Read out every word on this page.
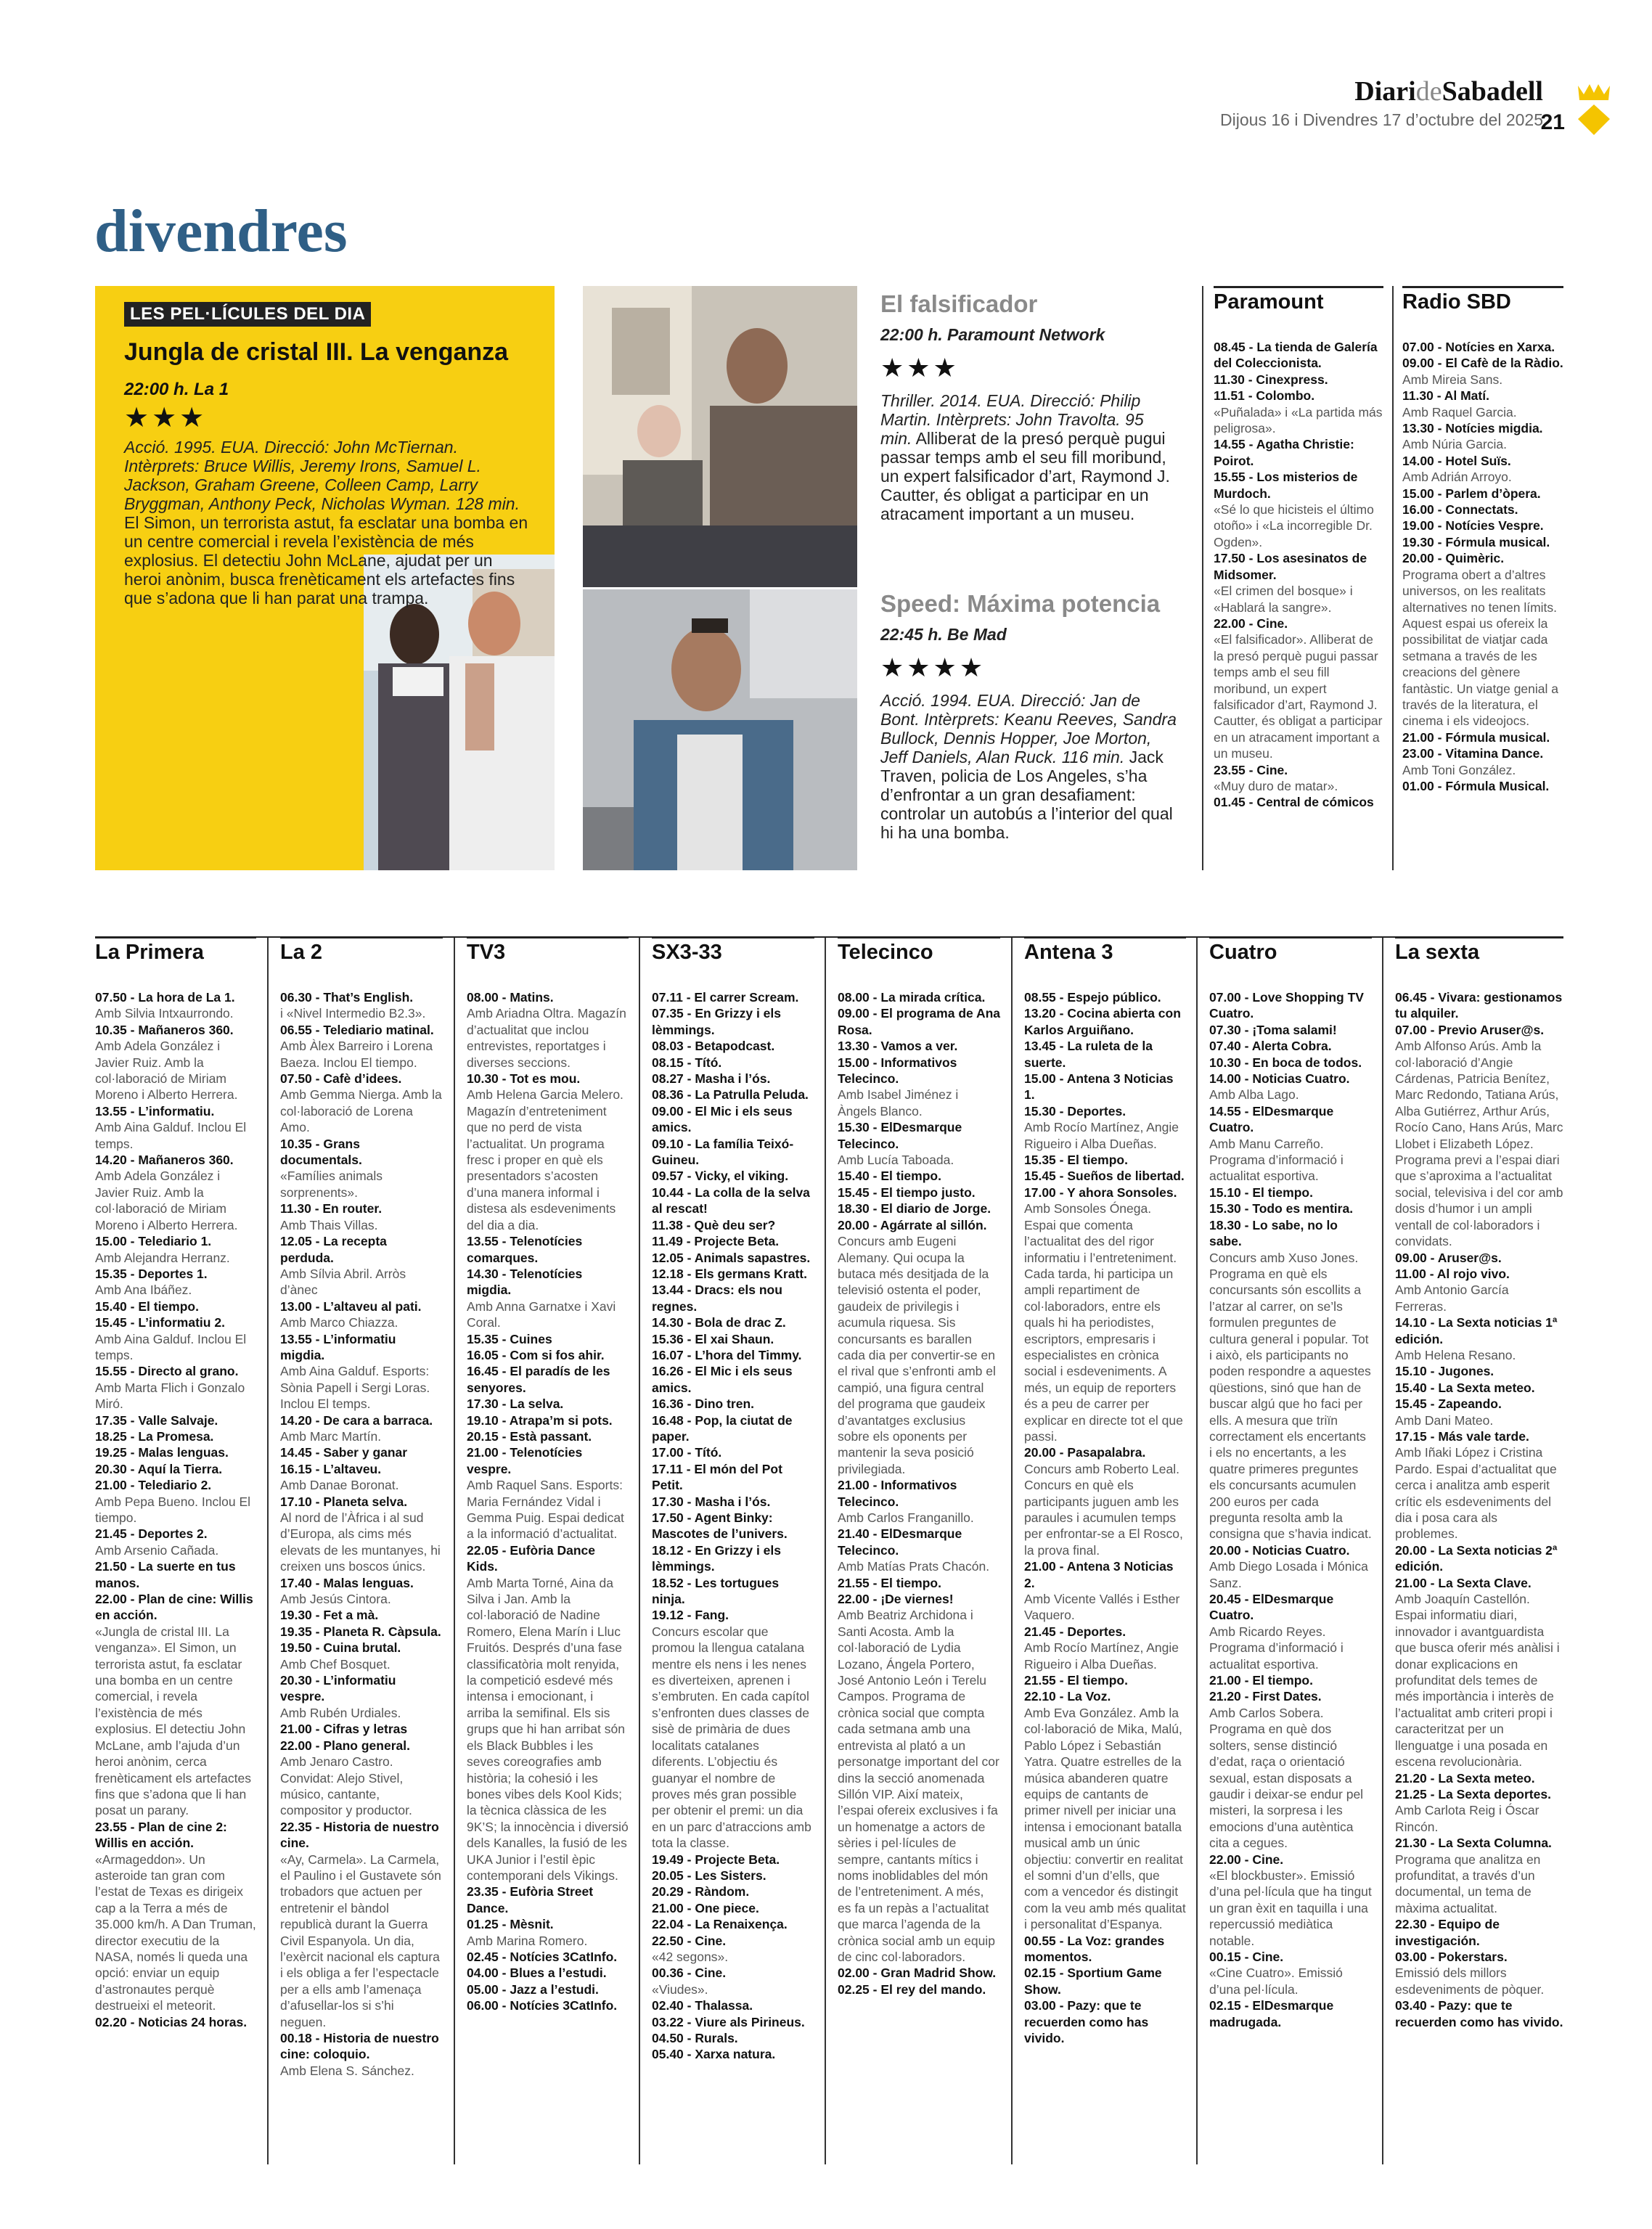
DiarideSabadell
Dijous 16 i Divendres 17 d’octubre del 2025
21
divendres
LES PEL·LÍCULES DEL DIA
Jungla de cristal III. La venganza
22:00 h. La 1
★★★
Acció. 1995. EUA. Direcció: John McTiernan. Intèrprets: Bruce Willis, Jeremy Irons, Samuel L. Jackson, Graham Greene, Colleen Camp, Larry Bryggman, Anthony Peck, Nicholas Wyman. 128 min. El Simon, un terrorista astut, fa esclatar una bomba en un centre comercial i revela l’existència de més explosius. El detectiu John McLane, ajudat per un heroi anònim, busca frenèticament els artefactes fins que s’adona que li han parat una trampa.
El falsificador
22:00 h. Paramount Network
★★★
Thriller. 2014. EUA. Direcció: Philip Martin. Intèrprets: John Travolta. 95 min. Alliberat de la presó perquè pugui passar temps amb el seu fill moribund, un expert falsificador d’art, Raymond J. Cautter, és obligat a participar en un atracament important a un museu.
Speed: Máxima potencia
22:45 h. Be Mad
★★★★
Acció. 1994. EUA. Direcció: Jan de Bont. Intèrprets: Keanu Reeves, Sandra Bullock, Dennis Hopper, Joe Morton, Jeff Daniels, Alan Ruck. 116 min. Jack Traven, policia de Los Angeles, s’ha d’enfrontar a un gran desafiament: controlar un autobús a l’interior del qual hi ha una bomba.
Paramount
08.45 - La tienda de Galería del Coleccionista.
11.30 - Cinexpress.
11.51 - Colombo.
«Puñalada» i «La partida más peligrosa».
14.55 - Agatha Christie: Poirot.
15.55 - Los misterios de Murdoch.
«Sé lo que hicisteis el último otoño» i «La incorregible Dr. Ogden».
17.50 - Los asesinatos de Midsomer.
«El crimen del bosque» i «Hablará la sangre».
22.00 - Cine.
«El falsificador». Alliberat de la presó perquè pugui passar temps amb el seu fill moribund, un expert falsificador d’art, Raymond J. Cautter, és obligat a participar en un atracament important a un museu.
23.55 - Cine.
«Muy duro de matar».
01.45 - Central de cómicos
Radio SBD
07.00 - Notícies en Xarxa.
09.00 - El Cafè de la Ràdio.
Amb Mireia Sans.
11.30 - Al Matí.
Amb Raquel Garcia.
13.30 - Notícies migdia.
Amb Núria Garcia.
14.00 - Hotel Suïs.
Amb Adrián Arroyo.
15.00 - Parlem d’òpera.
16.00 - Connectats.
19.00 - Notícies Vespre.
19.30 - Fórmula musical.
20.00 - Quimèric.
Programa obert a d’altres universos, on les realitats alternatives no tenen límits. Aquest espai us ofereix la possibilitat de viatjar cada setmana a través de les creacions del gènere fantàstic. Un viatge genial a través de la literatura, el cinema i els videojocs.
21.00 - Fórmula musical.
23.00 - Vitamina Dance.
Amb Toni González.
01.00 - Fórmula Musical.
La Primera
07.50 - La hora de La 1.
Amb Silvia Intxaurrondo.
10.35 - Mañaneros 360.
Amb Adela González i Javier Ruiz. Amb la col·laboració de Miriam Moreno i Alberto Herrera.
13.55 - L’informatiu.
Amb Aina Galduf. Inclou El temps.
14.20 - Mañaneros 360.
Amb Adela González i Javier Ruiz. Amb la col·laboració de Miriam Moreno i Alberto Herrera.
15.00 - Telediario 1.
Amb Alejandra Herranz.
15.35 - Deportes 1.
Amb Ana Ibáñez.
15.40 - El tiempo.
15.45 - L’informatiu 2.
Amb Aina Galduf. Inclou El temps.
15.55 - Directo al grano.
Amb Marta Flich i Gonzalo Miró.
17.35 - Valle Salvaje.
18.25 - La Promesa.
19.25 - Malas lenguas.
20.30 - Aquí la Tierra.
21.00 - Telediario 2.
Amb Pepa Bueno. Inclou El tiempo.
21.45 - Deportes 2.
Amb Arsenio Cañada.
21.50 - La suerte en tus manos.
22.00 - Plan de cine: Willis en acción.
«Jungla de cristal III. La venganza». El Simon, un terrorista astut, fa esclatar una bomba en un centre comercial, i revela l’existència de més explosius. El detectiu John McLane, amb l’ajuda d’un heroi anònim, cerca frenèticament els artefactes fins que s’adona que li han posat un parany.
23.55 - Plan de cine 2: Willis en acción.
«Armageddon». Un asteroide tan gran com l’estat de Texas es dirigeix cap a la Terra a més de 35.000 km/h. A Dan Truman, director executiu de la NASA, només li queda una opció: enviar un equip d’astronautes perquè destrueixi el meteorit.
02.20 - Noticias 24 horas.
La 2
06.30 - That’s English.
i «Nivel Intermedio B2.3».
06.55 - Telediario matinal.
Amb Àlex Barreiro i Lorena Baeza. Inclou El tiempo.
07.50 - Cafè d’idees.
Amb Gemma Nierga. Amb la col·laboració de Lorena Amo.
10.35 - Grans documentals.
«Famílies animals sorprenents».
11.30 - En router.
Amb Thais Villas.
12.05 - La recepta perduda.
Amb Sílvia Abril. Arròs d’ànec
13.00 - L’altaveu al pati.
Amb Marco Chiazza.
13.55 - L’informatiu migdia.
Amb Aina Galduf. Esports: Sònia Papell i Sergi Loras. Inclou El temps.
14.20 - De cara a barraca.
Amb Marc Martín.
14.45 - Saber y ganar
16.15 - L’altaveu.
Amb Danae Boronat.
17.10 - Planeta selva.
Al nord de l’Àfrica i al sud d’Europa, als cims més elevats de les muntanyes, hi creixen uns boscos únics.
17.40 - Malas lenguas.
Amb Jesús Cintora.
19.30 - Fet a mà.
19.35 - Planeta R. Càpsula.
19.50 - Cuina brutal.
Amb Chef Bosquet.
20.30 - L’informatiu vespre.
Amb Rubén Urdiales.
21.00 - Cifras y letras
22.00 - Plano general.
Amb Jenaro Castro. Convidat: Alejo Stivel, músico, cantante, compositor y productor.
22.35 - Historia de nuestro cine.
«Ay, Carmela». La Carmela, el Paulino i el Gustavete són trobadors que actuen per entretenir el bàndol republicà durant la Guerra Civil Espanyola. Un dia, l’exèrcit nacional els captura i els obliga a fer l’espectacle per a ells amb l’amenaça d’afusellar-los si s’hi neguen.
00.18 - Historia de nuestro cine: coloquio.
Amb Elena S. Sánchez.
TV3
08.00 - Matins.
Amb Ariadna Oltra. Magazín d’actualitat que inclou entrevistes, reportatges i diverses seccions.
10.30 - Tot es mou.
Amb Helena Garcia Melero. Magazín d’entreteniment que no perd de vista l’actualitat. Un programa fresc i proper en què els presentadors s’acosten d’una manera informal i distesa als esdeveniments del dia a dia.
13.55 - Telenotícies comarques.
14.30 - Telenotícies migdia.
Amb Anna Garnatxe i Xavi Coral.
15.35 - Cuines
16.05 - Com si fos ahir.
16.45 - El paradís de les senyores.
17.30 - La selva.
19.10 - Atrapa’m si pots.
20.15 - Està passant.
21.00 - Telenotícies vespre.
Amb Raquel Sans. Esports: Maria Fernández Vidal i Gemma Puig. Espai dedicat a la informació d’actualitat.
22.05 - Eufòria Dance Kids.
Amb Marta Torné, Aina da Silva i Jan. Amb la col·laboració de Nadine Romero, Elena Marín i Lluc Fruitós. Després d’una fase classificatòria molt renyida, la competició esdevé més intensa i emocionant, i arriba la semifinal. Els sis grups que hi han arribat són els Black Bubbles i les seves coreografies amb història; la cohesió i les bones vibes dels Kool Kids; la tècnica clàssica de les 9K’S; la innocència i diversió dels Kanalles, la fusió de les UKA Junior i l’estil èpic contemporani dels Vikings.
23.35 - Eufòria Street Dance.
01.25 - Mèsnit.
Amb Marina Romero.
02.45 - Notícies 3CatInfo.
04.00 - Blues a l’estudi.
05.00 - Jazz a l’estudi.
06.00 - Notícies 3CatInfo.
SX3-33
07.11 - El carrer Scream.
07.35 - En Grizzy i els lèmmings.
08.03 - Betapodcast.
08.15 - Tító.
08.27 - Masha i l’ós.
08.36 - La Patrulla Peluda.
09.00 - El Mic i els seus amics.
09.10 - La família Teixó-Guineu.
09.57 - Vicky, el viking.
10.44 - La colla de la selva al rescat!
11.38 - Què deu ser?
11.49 - Projecte Beta.
12.05 - Animals sapastres.
12.18 - Els germans Kratt.
13.44 - Dracs: els nou regnes.
14.30 - Bola de drac Z.
15.36 - El xai Shaun.
16.07 - L’hora del Timmy.
16.26 - El Mic i els seus amics.
16.36 - Dino tren.
16.48 - Pop, la ciutat de paper.
17.00 - Tító.
17.11 - El món del Pot Petit.
17.30 - Masha i l’ós.
17.50 - Agent Binky: Mascotes de l’univers.
18.12 - En Grizzy i els lèmmings.
18.52 - Les tortugues ninja.
19.12 - Fang.
Concurs escolar que promou la llengua catalana mentre els nens i les nenes es diverteixen, aprenen i s’embruten. En cada capítol s’enfronten dues classes de sisè de primària de dues localitats catalanes diferents. L’objectiu és guanyar el nombre de proves més gran possible per obtenir el premi: un dia en un parc d’atraccions amb tota la classe.
19.49 - Projecte Beta.
20.05 - Les Sisters.
20.29 - Ràndom.
21.00 - One piece.
22.04 - La Renaixença.
22.50 - Cine.
«42 segons».
00.36 - Cine.
«Viudes».
02.40 - Thalassa.
03.22 - Viure als Pirineus.
04.50 - Rurals.
05.40 - Xarxa natura.
Telecinco
08.00 - La mirada crítica.
09.00 - El programa de Ana Rosa.
13.30 - Vamos a ver.
15.00 - Informativos Telecinco.
Amb Isabel Jiménez i Àngels Blanco.
15.30 - ElDesmarque Telecinco.
Amb Lucía Taboada.
15.40 - El tiempo.
15.45 - El tiempo justo.
18.30 - El diario de Jorge.
20.00 - Agárrate al sillón.
Concurs amb Eugeni Alemany. Qui ocupa la butaca més desitjada de la televisió ostenta el poder, gaudeix de privilegis i acumula riquesa. Sis concursants es barallen cada dia per convertir-se en el rival que s’enfronti amb el campió, una figura central del programa que gaudeix d’avantatges exclusius sobre els oponents per mantenir la seva posició privilegiada.
21.00 - Informativos Telecinco.
Amb Carlos Franganillo.
21.40 - ElDesmarque Telecinco.
Amb Matías Prats Chacón.
21.55 - El tiempo.
22.00 - ¡De viernes!
Amb Beatriz Archidona i Santi Acosta. Amb la col·laboració de Lydia Lozano, Ángela Portero, José Antonio León i Terelu Campos. Programa de crònica social que compta cada setmana amb una entrevista al plató a un personatge important del cor dins la secció anomenada Sillón VIP. Així mateix, l’espai ofereix exclusives i fa un homenatge a actors de sèries i pel·lícules de sempre, cantants mítics i noms inoblidables del món de l’entreteniment. A més, es fa un repàs a l’actualitat que marca l’agenda de la crònica social amb un equip de cinc col·laboradors.
02.00 - Gran Madrid Show.
02.25 - El rey del mando.
Antena 3
08.55 - Espejo público.
13.20 - Cocina abierta con Karlos Arguiñano.
13.45 - La ruleta de la suerte.
15.00 - Antena 3 Noticias 1.
15.30 - Deportes.
Amb Rocío Martínez, Angie Rigueiro i Alba Dueñas.
15.35 - El tiempo.
15.45 - Sueños de libertad.
17.00 - Y ahora Sonsoles.
Amb Sonsoles Ónega. Espai que comenta l’actualitat des del rigor informatiu i l’entreteniment. Cada tarda, hi participa un ampli repartiment de col·laboradors, entre els quals hi ha periodistes, escriptors, empresaris i especialistes en crònica social i esdeveniments. A més, un equip de reporters és a peu de carrer per explicar en directe tot el que passi.
20.00 - Pasapalabra.
Concurs amb Roberto Leal. Concurs en què els participants juguen amb les paraules i acumulen temps per enfrontar-se a El Rosco, la prova final.
21.00 - Antena 3 Noticias 2.
Amb Vicente Vallés i Esther Vaquero.
21.45 - Deportes.
Amb Rocío Martínez, Angie Rigueiro i Alba Dueñas.
21.55 - El tiempo.
22.10 - La Voz.
Amb Eva González. Amb la col·laboració de Mika, Malú, Pablo López i Sebastián Yatra. Quatre estrelles de la música abanderen quatre equips de cantants de primer nivell per iniciar una intensa i emocionant batalla musical amb un únic objectiu: convertir en realitat el somni d’un d’ells, que com a vencedor és distingit com la veu amb més qualitat i personalitat d’Espanya.
00.55 - La Voz: grandes momentos.
02.15 - Sportium Game Show.
03.00 - Pazy: que te recuerden como has vivido.
Cuatro
07.00 - Love Shopping TV Cuatro.
07.30 - ¡Toma salami!
07.40 - Alerta Cobra.
10.30 - En boca de todos.
14.00 - Noticias Cuatro.
Amb Alba Lago.
14.55 - ElDesmarque Cuatro.
Amb Manu Carreño. Programa d’informació i actualitat esportiva.
15.10 - El tiempo.
15.30 - Todo es mentira.
18.30 - Lo sabe, no lo sabe.
Concurs amb Xuso Jones. Programa en què els concursants són escollits a l’atzar al carrer, on se’ls formulen preguntes de cultura general i popular. Tot i això, els participants no poden respondre a aquestes qüestions, sinó que han de buscar algú que ho faci per ells. A mesura que triïn correctament els encertants i els no encertants, a les quatre primeres preguntes els concursants acumulen 200 euros per cada pregunta resolta amb la consigna que s’havia indicat.
20.00 - Noticias Cuatro.
Amb Diego Losada i Mónica Sanz.
20.45 - ElDesmarque Cuatro.
Amb Ricardo Reyes. Programa d’informació i actualitat esportiva.
21.00 - El tiempo.
21.20 - First Dates.
Amb Carlos Sobera. Programa en què dos solters, sense distinció d’edat, raça o orientació sexual, estan disposats a gaudir i deixar-se endur pel misteri, la sorpresa i les emocions d’una autèntica cita a cegues.
22.00 - Cine.
«El blockbuster». Emissió d’una pel·lícula que ha tingut un gran èxit en taquilla i una repercussió mediàtica notable.
00.15 - Cine.
«Cine Cuatro». Emissió d’una pel·lícula.
02.15 - ElDesmarque madrugada.
La sexta
06.45 - Vivara: gestionamos tu alquiler.
07.00 - Previo Aruser@s.
Amb Alfonso Arús. Amb la col·laboració d’Angie Cárdenas, Patricia Benítez, Marc Redondo, Tatiana Arús, Alba Gutiérrez, Arthur Arús, Rocío Cano, Hans Arús, Marc Llobet i Elizabeth López. Programa previ a l’espai diari que s’aproxima a l’actualitat social, televisiva i del cor amb dosis d’humor i un ampli ventall de col·laboradors i convidats.
09.00 - Aruser@s.
11.00 - Al rojo vivo.
Amb Antonio García Ferreras.
14.10 - La Sexta noticias 1ª edición.
Amb Helena Resano.
15.10 - Jugones.
15.40 - La Sexta meteo.
15.45 - Zapeando.
Amb Dani Mateo.
17.15 - Más vale tarde.
Amb Iñaki López i Cristina Pardo. Espai d’actualitat que cerca i analitza amb esperit crític els esdeveniments del dia i posa cara als problemes.
20.00 - La Sexta noticias 2ª edición.
21.00 - La Sexta Clave.
Amb Joaquín Castellón. Espai informatiu diari, innovador i avantguardista que busca oferir més anàlisi i donar explicacions en profunditat dels temes de més importància i interès de l’actualitat amb criteri propi i caracteritzat per un llenguatge i una posada en escena revolucionària.
21.20 - La Sexta meteo.
21.25 - La Sexta deportes.
Amb Carlota Reig i Óscar Rincón.
21.30 - La Sexta Columna.
Programa que analitza en profunditat, a través d’un documental, un tema de màxima actualitat.
22.30 - Equipo de investigación.
03.00 - Pokerstars.
Emissió dels millors esdeveniments de pòquer.
03.40 - Pazy: que te recuerden como has vivido.
